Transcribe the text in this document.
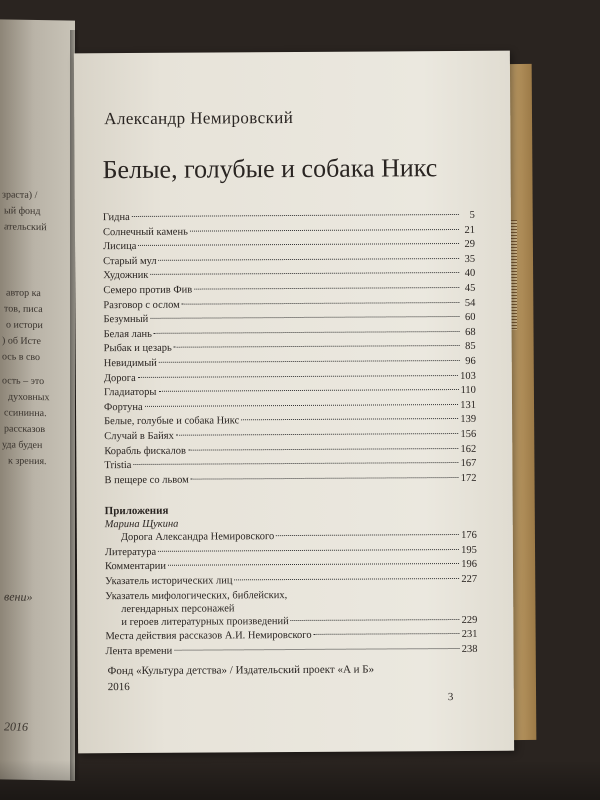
зраста) /
ый фонд
ательский
автор ка
тов, писа
о истори
) об Исте
ось в сво
ость – это
духовных
ссининна.
рассказов
уда буден
к зрения.
вени»
2016
Александр Немировский
Белые, голубые и собака Никс
Гидна	5
Солнечный камень	21
Лисица	29
Старый мул	35
Художник	40
Семеро против Фив	45
Разговор с ослом	54
Безумный	60
Белая лань	68
Рыбак и цезарь	85
Невидимый	96
Дорога	103
Гладиаторы	110
Фортуна	131
Белые, голубые и собака Никс	139
Случай в Байях	156
Корабль фискалов	162
Tristia	167
В пещере со львом	172
Приложения
Марина Щукина
Дорога Александра Немировского	176
Литература	195
Комментарии	196
Указатель исторических лиц	227
Указатель мифологических, библейских,
легендарных персонажей
и героев литературных произведений	229
Места действия рассказов А.И. Немировского	231
Лента времени	238
Фонд «Культура детства» / Издательский проект «А и Б»
2016
3
